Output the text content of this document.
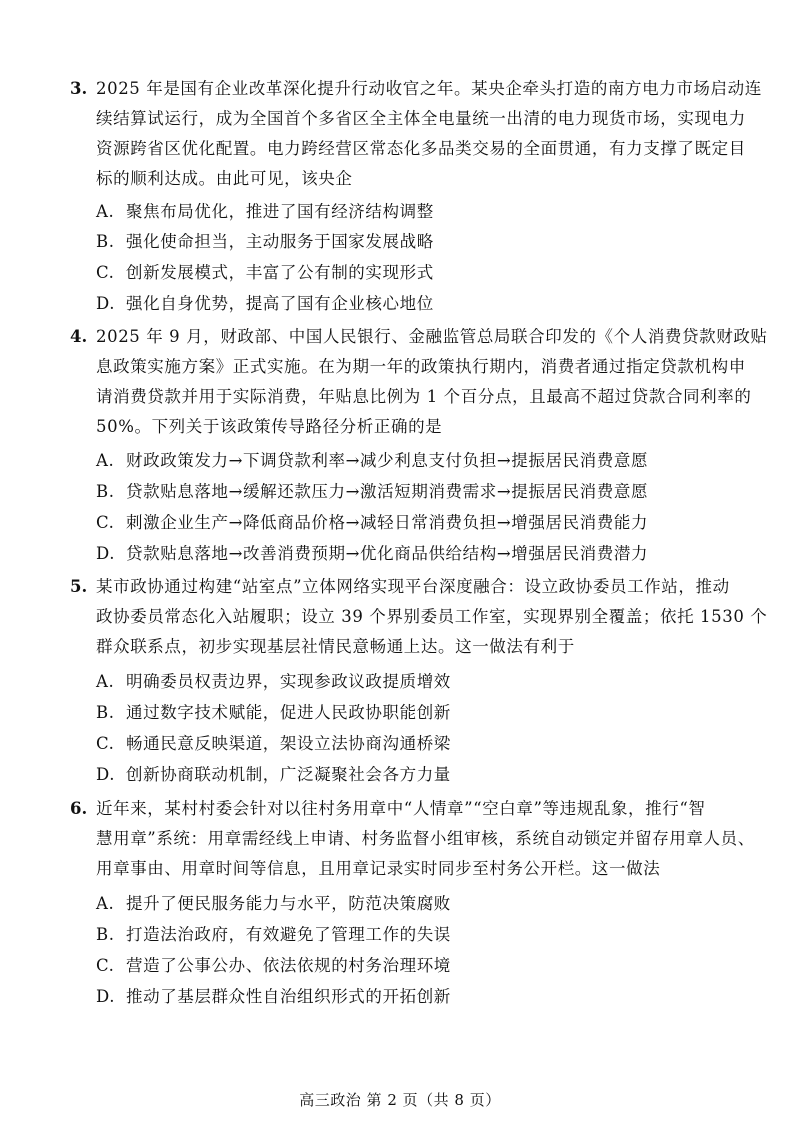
3. 2025 年是国有企业改革深化提升行动收官之年。某央企牵头打造的南方电力市场启动连
续结算试运行，成为全国首个多省区全主体全电量统一出清的电力现货市场，实现电力
资源跨省区优化配置。电力跨经营区常态化多品类交易的全面贯通，有力支撑了既定目
标的顺利达成。由此可见，该央企
A. 聚焦布局优化，推进了国有经济结构调整
B. 强化使命担当，主动服务于国家发展战略
C. 创新发展模式，丰富了公有制的实现形式
D. 强化自身优势，提高了国有企业核心地位
4. 2025 年 9 月，财政部、中国人民银行、金融监管总局联合印发的《个人消费贷款财政贴
息政策实施方案》正式实施。在为期一年的政策执行期内，消费者通过指定贷款机构申
请消费贷款并用于实际消费，年贴息比例为 1 个百分点，且最高不超过贷款合同利率的
50%。下列关于该政策传导路径分析正确的是
A. 财政政策发力→下调贷款利率→减少利息支付负担→提振居民消费意愿
B. 贷款贴息落地→缓解还款压力→激活短期消费需求→提振居民消费意愿
C. 刺激企业生产→降低商品价格→减轻日常消费负担→增强居民消费能力
D. 贷款贴息落地→改善消费预期→优化商品供给结构→增强居民消费潜力
5. 某市政协通过构建“站室点”立体网络实现平台深度融合：设立政协委员工作站，推动
政协委员常态化入站履职；设立 39 个界别委员工作室，实现界别全覆盖；依托 1530 个
群众联系点，初步实现基层社情民意畅通上达。这一做法有利于
A. 明确委员权责边界，实现参政议政提质增效
B. 通过数字技术赋能，促进人民政协职能创新
C. 畅通民意反映渠道，架设立法协商沟通桥梁
D. 创新协商联动机制，广泛凝聚社会各方力量
6. 近年来，某村村委会针对以往村务用章中“人情章”“空白章”等违规乱象，推行“智
慧用章”系统：用章需经线上申请、村务监督小组审核，系统自动锁定并留存用章人员、
用章事由、用章时间等信息，且用章记录实时同步至村务公开栏。这一做法
A. 提升了便民服务能力与水平，防范决策腐败
B. 打造法治政府，有效避免了管理工作的失误
C. 营造了公事公办、依法依规的村务治理环境
D. 推动了基层群众性自治组织形式的开拓创新
高三政治 第 2 页（共 8 页）
